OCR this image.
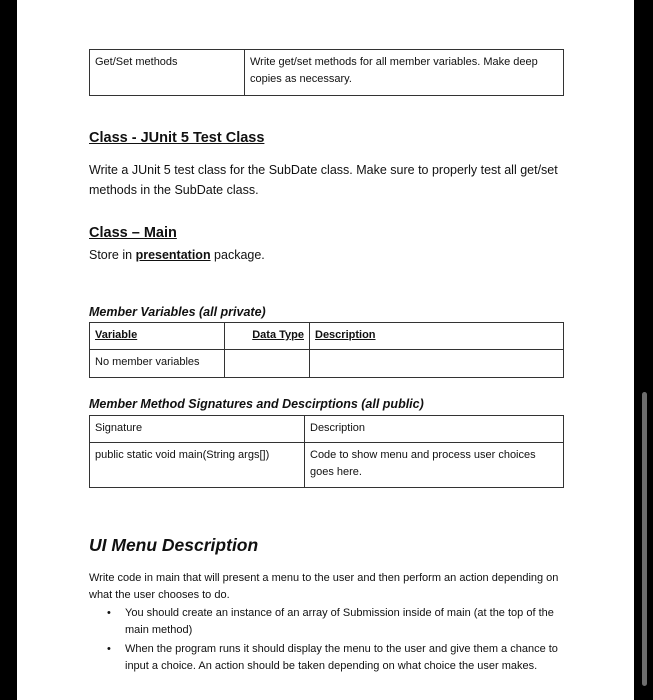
Get/Set methods	Write get/set methods for all member variables. Make deep copies as necessary.
Class - JUnit 5 Test Class
Write a JUnit 5 test class for the SubDate class. Make sure to properly test all get/set methods in the SubDate class.
Class – Main
Store in presentation package.
Member Variables (all private)
Variable	Data Type	Description
No member variables		
Member Method Signatures and Descirptions (all public)
Signature	Description
public static void main(String args[])	Code to show menu and process user choices goes here.
UI Menu Description
Write code in main that will present a menu to the user and then perform an action depending on what the user chooses to do.
• You should create an instance of an array of Submission inside of main (at the top of the main method)
• When the program runs it should display the menu to the user and give them a chance to input a choice. An action should be taken depending on what choice the user makes.
